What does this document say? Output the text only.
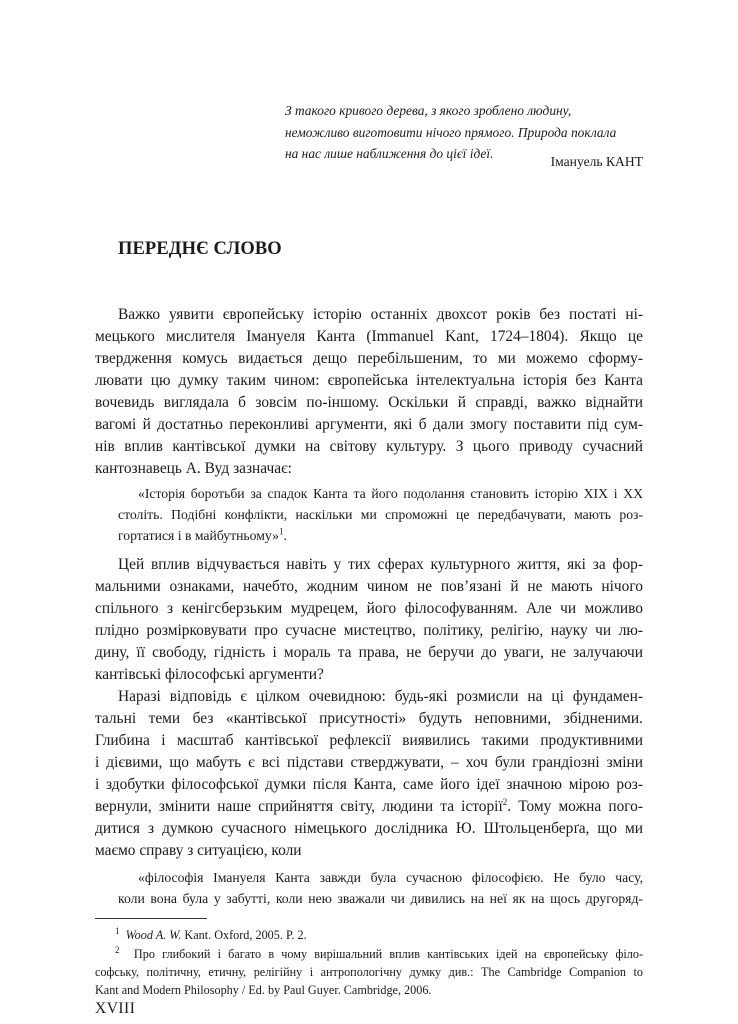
З такого кривого дерева, з якого зроблено людину,
неможливо виготовити нічого прямого. Природа поклала
на нас лише наближення до цієї ідеї.
Імануель КАНТ
ПЕРЕДНЄ СЛОВО
Важко уявити європейську історію останніх двохсот років без постаті ні-
мецького мислителя Імануеля Канта (Immanuel Kant, 1724–1804). Якщо це
твердження комусь видається дещо перебільшеним, то ми можемо сформу-
лювати цю думку таким чином: європейська інтелектуальна історія без Канта
вочевидь виглядала б зовсім по-іншому. Оскільки й справді, важко віднайти
вагомі й достатньо переконливі аргументи, які б дали змогу поставити під сум-
нів вплив кантівської думки на світову культуру. З цього приводу сучасний
кантознавець А. Вуд зазначає:
«Історія боротьби за спадок Канта та його подолання становить історію XIX і XX
століть. Подібні конфлікти, наскільки ми спроможні це передбачувати, мають роз-
гортатися і в майбутньому»$^1$.
Цей вплив відчувається навіть у тих сферах культурного життя, які за фор-
мальними ознаками, начебто, жодним чином не пов’язані й не мають нічого
спільного з кенігсберзьким мудрецем, його філософуванням. Але чи можливо
плідно розмірковувати про сучасне мистецтво, політику, релігію, науку чи лю-
дину, її свободу, гідність і мораль та права, не беручи до уваги, не залучаючи
кантівські філософські аргументи?
Наразі відповідь є цілком очевидною: будь-які розмисли на ці фундамен-
тальні теми без «кантівської присутності» будуть неповними, збідненими.
Глибина і масштаб кантівської рефлексії виявились такими продуктивними
і дієвими, що мабуть є всі підстави стверджувати, – хоч були грандіозні зміни
і здобутки філософської думки після Канта, саме його ідеї значною мірою роз-
вернули, змінити наше сприйняття світу, людини та історії$^2$. Тому можна пого-
дитися з думкою сучасного німецького дослідника Ю. Штольценберґа, що ми
маємо справу з ситуацією, коли
«філософія Імануеля Канта завжди була сучасною філософією. Не було часу,
коли вона була у забутті, коли нею зважали чи дивились на неї як на щось другоряд-
$^1$ Wood A. W. Kant. Oxford, 2005. P. 2.
$^2$ Про глибокий і багато в чому вирішальний вплив кантівських ідей на європейську філо-
софську, політичну, етичну, релігійну і антропологічну думку див.: The Cambridge Companion to
Kant and Modern Philosophy / Ed. by Paul Guyer. Cambridge, 2006.
XVIII
